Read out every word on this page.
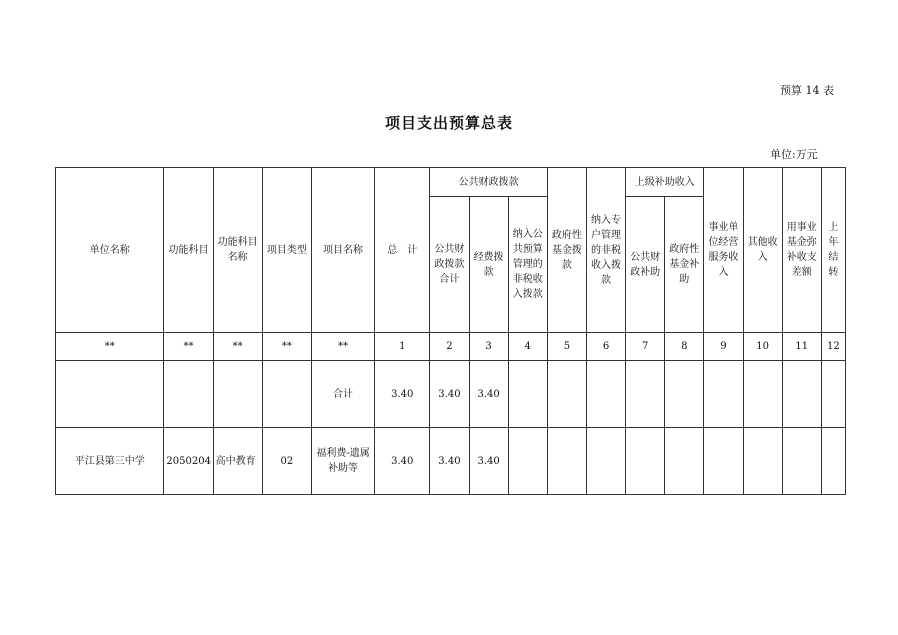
预算 14 表
项目支出预算总表
单位:万元
单位名称	功能科目	功能科目名称	项目类型	项目名称	总　计	公共财政拨款			政府性基金拨款	纳入专户管理的非税收入拨款	上级补助收入		事业单位经营服务收入	其他收入	用事业基金弥补收支差额	上年结转

						公共财政拨款合计	经费拨款	纳入公共预算管理的非税收入拨款			公共财政补助	政府性基金补助				

**	**	**	**	**	1	2	3	4	5	6	7	8	9	10	11	12
				合计	3.40	3.40	3.40									
平江县第三中学	2050204	高中教育	02	福利费-遗属补助等	3.40	3.40	3.40									
